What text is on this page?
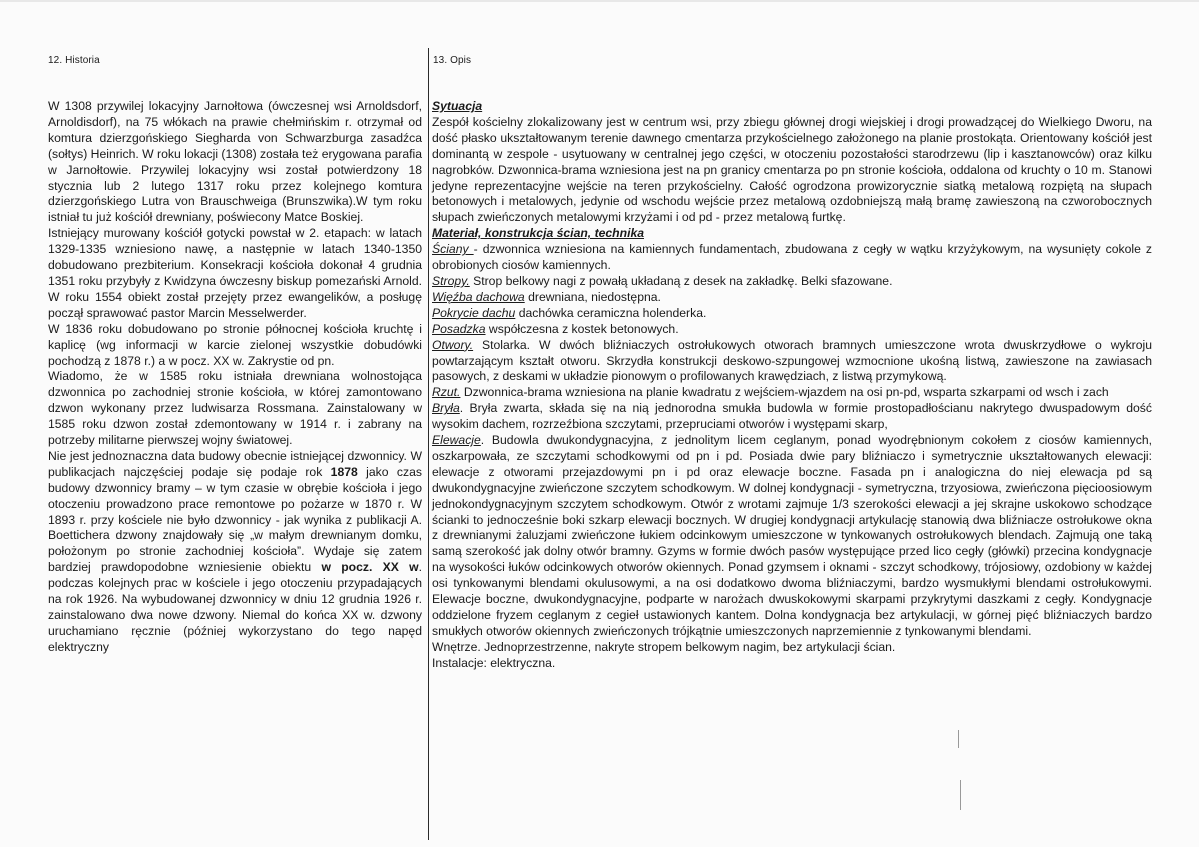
12. Historia	13. Opis

W 1308 przywilej lokacyjny Jarnołtowa (ówczesnej wsi Arnoldsdorf, Arnoldisdorf), na 75 włókach na prawie chełmińskim r. otrzymał od komtura dzierzgońskiego Siegharda von Schwarzburga zasadźca (sołtys) Heinrich. W roku lokacji (1308) została też erygowana parafia w Jarnołtowie. Przywilej lokacyjny wsi został potwierdzony 18 stycznia lub 2 lutego 1317 roku przez kolejnego komtura dzierzgońskiego Lutra von Brauschweiga (Brunszwika).W tym roku istniał tu już kościół drewniany, poświecony Matce Boskiej.

Istniejący murowany kościół gotycki powstał w 2. etapach: w latach 1329-1335 wzniesiono nawę, a następnie w latach 1340-1350 dobudowano prezbiterium. Konsekracji kościoła dokonał 4 grudnia 1351 roku przybyły z Kwidzyna ówczesny biskup pomezański Arnold. W roku 1554 obiekt został przejęty przez ewangelików, a posługę począł sprawować pastor Marcin Messelwerder.

W 1836 roku dobudowano po stronie północnej kościoła kruchtę i kaplicę (wg informacji w karcie zielonej wszystkie dobudówki pochodzą z 1878 r.) a w pocz. XX w. Zakrystie od pn.

Wiadomo, że w 1585 roku istniała drewniana wolnostojąca dzwonnica po zachodniej stronie kościoła, w której zamontowano dzwon wykonany przez ludwisarza Rossmana. Zainstalowany w 1585 roku dzwon został zdemontowany w 1914 r. i zabrany na potrzeby militarne pierwszej wojny światowej.

Nie jest jednoznaczna data budowy obecnie istniejącej dzwonnicy. W publikacjach najczęściej podaje się podaje rok 1878 jako czas budowy dzwonnicy bramy – w tym czasie w obrębie kościoła i jego otoczeniu prowadzono prace remontowe po pożarze w 1870 r. W 1893 r. przy kościele nie było dzwonnicy - jak wynika z publikacji A. Boettichera dzwony znajdowały się „w małym drewnianym domku, położonym po stronie zachodniej kościoła”. Wydaje się zatem bardziej prawdopodobne wzniesienie obiektu w pocz. XX w. podczas kolejnych prac w kościele i jego otoczeniu przypadających na rok 1926. Na wybudowanej dzwonnicy w dniu 12 grudnia 1926 r. zainstalowano dwa nowe dzwony. Niemal do końca XX w. dzwony uruchamiano ręcznie (później wykorzystano do tego napęd elektryczny

Sytuacja

Zespół kościelny zlokalizowany jest w centrum wsi, przy zbiegu głównej drogi wiejskiej i drogi prowadzącej do Wielkiego Dworu, na dość płasko ukształtowanym terenie dawnego cmentarza przykościelnego założonego na planie prostokąta. Orientowany kościół jest dominantą w zespole - usytuowany w centralnej jego części, w otoczeniu pozostałości starodrzewu (lip i kasztanowców) oraz kilku nagrobków. Dzwonnica-brama wzniesiona jest na pn granicy cmentarza po pn stronie kościoła, oddalona od kruchty o 10 m. Stanowi jedyne reprezentacyjne wejście na teren przykościelny. Całość ogrodzona prowizorycznie siatką metalową rozpiętą na słupach betonowych i metalowych, jedynie od wschodu wejście przez metalową ozdobniejszą małą bramę zawieszoną na czworobocznych słupach zwieńczonych metalowymi krzyżami i od pd - przez metalową furtkę.

Materiał, konstrukcja ścian, technika

Ściany - dzwonnica wzniesiona na kamiennych fundamentach, zbudowana z cegły w wątku krzyżykowym, na wysunięty cokole z obrobionych ciosów kamiennych.

Stropy. Strop belkowy nagi z powałą układaną z desek na zakładkę. Belki sfazowane.

Więźba dachowa drewniana, niedostępna.

Pokrycie dachu dachówka ceramiczna holenderka.

Posadzka współczesna z kostek betonowych.

Otwory. Stolarka. W dwóch bliźniaczych ostrołukowych otworach bramnych umieszczone wrota dwuskrzydłowe o wykroju powtarzającym kształt otworu. Skrzydła konstrukcji deskowo-szpungowej wzmocnione ukośną listwą, zawieszone na zawiasach pasowych, z deskami w układzie pionowym o profilowanych krawędziach, z listwą przymykową.

Rzut. Dzwonnica-brama wzniesiona na planie kwadratu z wejściem-wjazdem na osi pn-pd, wsparta szkarpami od wsch i zach

Bryła. Bryła zwarta, składa się na nią jednorodna smukła budowla w formie prostopadłościanu nakrytego dwuspadowym dość wysokim dachem, rozrzeźbiona szczytami, przepruciami otworów i występami skarp,

Elewacje. Budowla dwukondygnacyjna, z jednolitym licem ceglanym, ponad wyodrębnionym cokołem z ciosów kamiennych, oszkarpowała, ze szczytami schodkowymi od pn i pd. Posiada dwie pary bliźniaczo i symetrycznie ukształtowanych elewacji: elewacje z otworami przejazdowymi pn i pd oraz elewacje boczne. Fasada pn i analogiczna do niej elewacja pd są dwukondygnacyjne zwieńczone szczytem schodkowym. W dolnej kondygnacji - symetryczna, trzyosiowa, zwieńczona pięcioosiowym jednokondygnacyjnym szczytem schodkowym. Otwór z wrotami zajmuje 1/3 szerokości elewacji a jej skrajne uskokowo schodzące ścianki to jednocześnie boki szkarp elewacji bocznych. W drugiej kondygnacji artykulację stanowią dwa bliźniacze ostrołukowe okna z drewnianymi żaluzjami zwieńczone łukiem odcinkowym umieszczone w tynkowanych ostrołukowych blendach. Zajmują one taką samą szerokość jak dolny otwór bramny. Gzyms w formie dwóch pasów występujące przed lico cegły (główki) przecina kondygnacje na wysokości łuków odcinkowych otworów okiennych. Ponad gzymsem i oknami - szczyt schodkowy, trójosiowy, ozdobiony w każdej osi tynkowanymi blendami okulusowymi, a na osi dodatkowo dwoma bliźniaczymi, bardzo wysmukłymi blendami ostrołukowymi. Elewacje boczne, dwukondygnacyjne, podparte w narożach dwuskokowymi skarpami przykrytymi daszkami z cegły. Kondygnacje oddzielone fryzem ceglanym z cegieł ustawionych kantem. Dolna kondygnacja bez artykulacji, w górnej pięć bliźniaczych bardzo smukłych otworów okiennych zwieńczonych trójkątnie umieszczonych naprzemiennie z tynkowanymi blendami.

Wnętrze. Jednoprzestrzenne, nakryte stropem belkowym nagim, bez artykulacji ścian.

Instalacje: elektryczna.
